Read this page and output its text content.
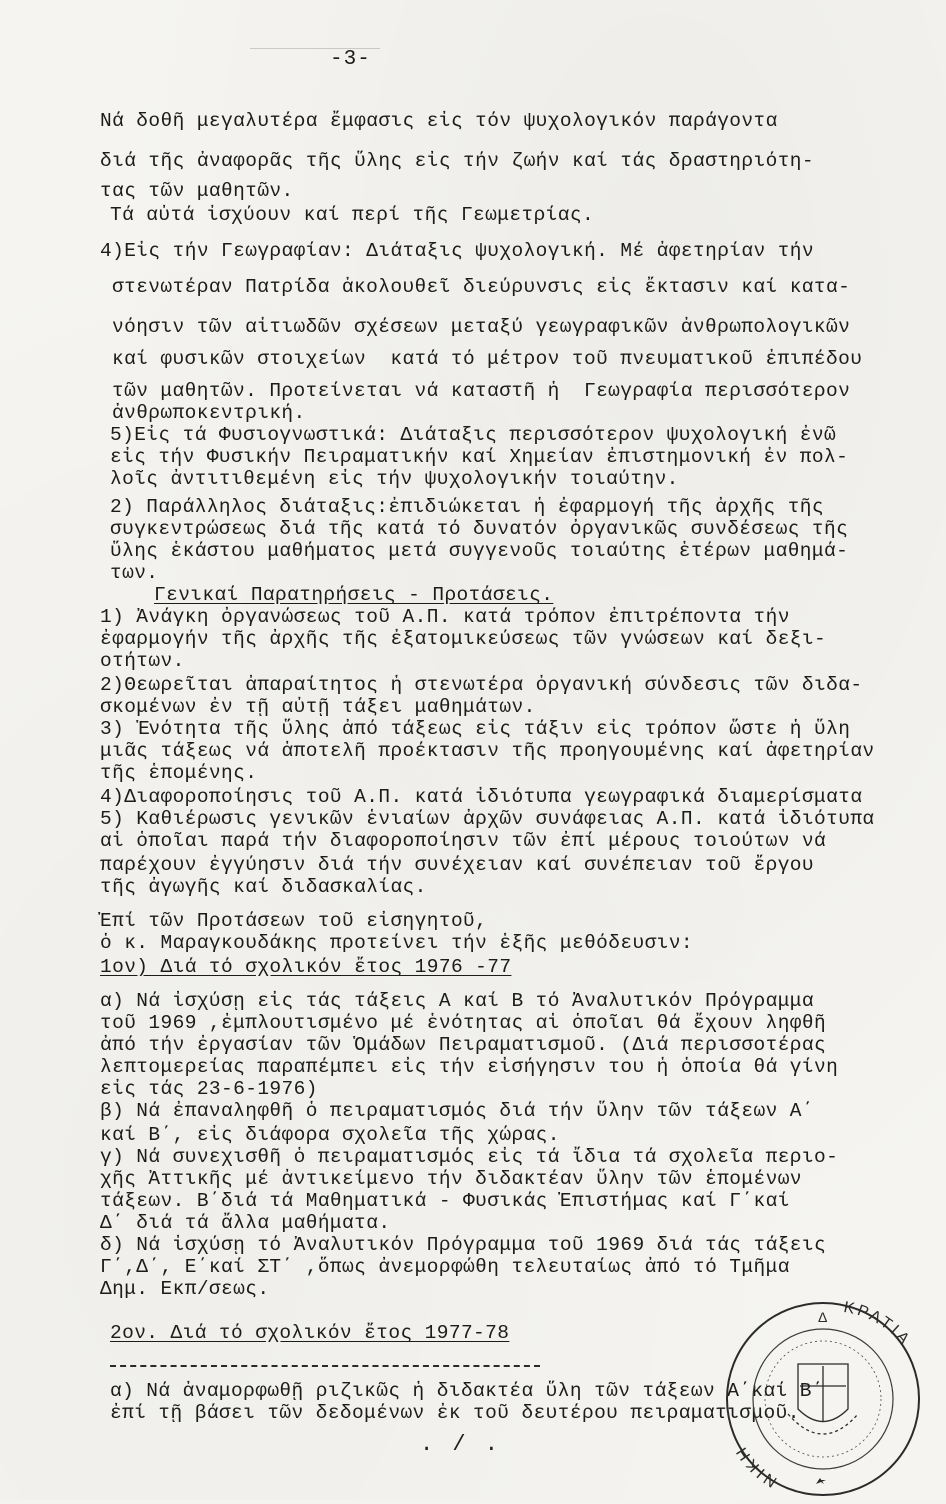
-3-
Νά δοθῆ μεγαλυτέρα ἔμφασις εἰς τόν ψυχολογικόν παράγοντα
διά τῆς ἀναφορᾶς τῆς ὕλης εἰς τήν ζωήν καί τάς δραστηριότη-
τας τῶν μαθητῶν.
Τά αὐτά ἰσχύουν καί περί τῆς Γεωμετρίας.
4)Εἰς τήν Γεωγραφίαν: Διάταξις ψυχολογική. Μέ ἀφετηρίαν τήν
στενωτέραν Πατρίδα ἀκολουθεῖ διεύρυνσις εἰς ἔκτασιν καί κατα-
νόησιν τῶν αἰτιωδῶν σχέσεων μεταξύ γεωγραφικῶν ἀνθρωπολογικῶν
καί φυσικῶν στοιχείων  κατά τό μέτρον τοῦ πνευματικοῦ ἐπιπέδου
τῶν μαθητῶν. Προτείνεται νά καταστῆ ἡ  Γεωγραφία περισσότερον
ἀνθρωποκεντρική.
5)Εἰς τά Φυσιογνωστικά: Διάταξις περισσότερον ψυχολογική ἐνῶ
εἰς τήν Φυσικήν Πειραματικήν καί Χημείαν ἐπιστημονική ἐν πολ-
λοῖς ἀντιτιθεμένη εἰς τήν ψυχολογικήν τοιαύτην.
2) Παράλληλος διάταξις:ἐπιδιώκεται ἡ ἐφαρμογή τῆς ἀρχῆς τῆς
συγκεντρώσεως διά τῆς κατά τό δυνατόν ὀργανικῶς συνδέσεως τῆς
ὕλης ἑκάστου μαθήματος μετά συγγενοῦς τοιαύτης ἑτέρων μαθημά-
των.
Γενικαί Παρατηρήσεις - Προτάσεις.
1) Ἀνάγκη ὀργανώσεως τοῦ Α.Π. κατά τρόπον ἐπιτρέποντα τήν
ἐφαρμογήν τῆς ἀρχῆς τῆς ἐξατομικεύσεως τῶν γνώσεων καί δεξι-
οτήτων.
2)Θεωρεῖται ἀπαραίτητος ἡ στενωτέρα ὀργανική σύνδεσις τῶν διδα-
σκομένων ἐν τῇ αὐτῇ τάξει μαθημάτων.
3) Ἑνότητα τῆς ὕλης ἀπό τάξεως εἰς τάξιν εἰς τρόπον ὥστε ἡ ὕλη
μιᾶς τάξεως νά ἀποτελῆ προέκτασιν τῆς προηγουμένης καί ἀφετηρίαν
τῆς ἑπομένης.
4)Διαφοροποίησις τοῦ Α.Π. κατά ἰδιότυπα γεωγραφικά διαμερίσματα
5) Καθιέρωσις γενικῶν ἑνιαίων ἀρχῶν συνάφειας Α.Π. κατά ἰδιότυπα
αἱ ὁποῖαι παρά τήν διαφοροποίησιν τῶν ἐπί μέρους τοιούτων νά
παρέχουν ἐγγύησιν διά τήν συνέχειαν καί συνέπειαν τοῦ ἔργου
τῆς ἀγωγῆς καί διδασκαλίας.
Ἐπί τῶν Προτάσεων τοῦ εἰσηγητοῦ,
ὁ κ. Μαραγκουδάκης προτείνει τήν ἑξῆς μεθόδευσιν:
1ον) Διά τό σχολικόν ἔτος 1976 -77
α) Νά ἰσχύσῃ εἰς τάς τάξεις Α καί Β τό Ἀναλυτικόν Πρόγραμμα
τοῦ 1969 ,ἐμπλουτισμένο μέ ἑνότητας αἱ ὁποῖαι θά ἔχουν ληφθῆ
ἀπό τήν ἐργασίαν τῶν Ὁμάδων Πειραματισμοῦ. (Διά περισσοτέρας
λεπτομερείας παραπέμπει εἰς τήν εἰσήγησιν του ἡ ὁποία θά γίνη
εἰς τάς 23-6-1976)
β) Νά ἐπαναληφθῆ ὁ πειραματισμός διά τήν ὕλην τῶν τάξεων Α΄
καί Β΄, εἰς διάφορα σχολεῖα τῆς χώρας.
γ) Νά συνεχισθῆ ὁ πειραματισμός εἰς τά ἴδια τά σχολεῖα περιο-
χῆς Ἀττικῆς μέ ἀντικείμενο τήν διδακτέαν ὕλην τῶν ἑπομένων
τάξεων. Β΄διά τά Μαθηματικά - Φυσικάς Ἐπιστήμας καί Γ΄καί
Δ΄ διά τά ἄλλα μαθήματα.
δ) Νά ἰσχύσῃ τό Ἀναλυτικόν Πρόγραμμα τοῦ 1969 διά τάς τάξεις
Γ΄,Δ΄, Ε΄καί ΣΤ΄ ,ὅπως ἀνεμορφώθη τελευταίως ἀπό τό Τμῆμα
Δημ. Εκπ/σεως.
2ον. Διά τό σχολικόν ἔτος 1977-78
α) Νά ἀναμορφωθῇ ριζικῶς ἡ διδακτέα ὕλη τῶν τάξεων Α΄καί Β΄
ἐπί τῇ βάσει τῶν δεδομένων ἐκ τοῦ δευτέρου πειραματισμοῦ.
. / .
ΝΙΚΗ
ΚΡΑΤΙΑ
Δ
